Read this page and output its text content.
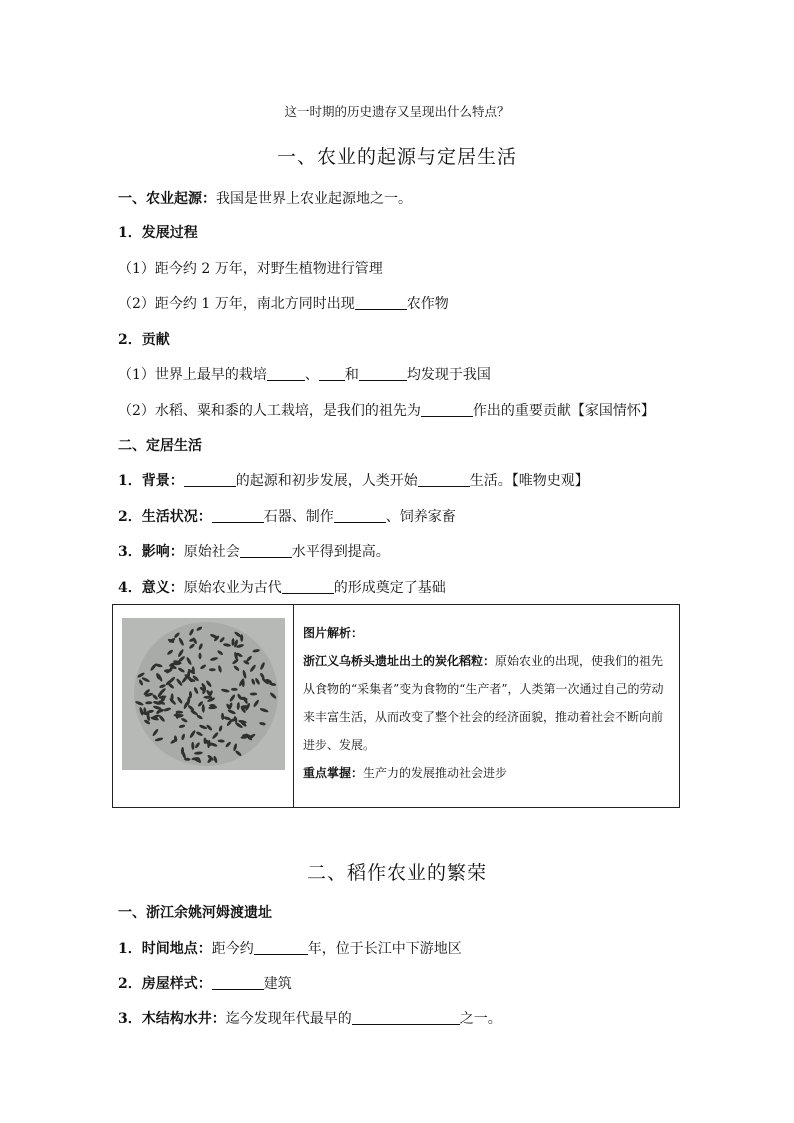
这一时期的历史遗存又呈现出什么特点？
一、农业的起源与定居生活
一、农业起源：我国是世界上农业起源地之一。
1．发展过程
（1）距今约 2 万年，对野生植物进行管理
（2）距今约 1 万年，南北方同时出现	农作物
2．贡献
（1）世界上最早的栽培	、 和	均发现于我国
（2）水稻、粟和黍的人工栽培，是我们的祖先为	作出的重要贡献【家国情怀】
二、定居生活
1．背景：	的起源和初步发展，人类开始	生活。【唯物史观】
2．生活状况：	石器、制作	、饲养家畜
3．影响：原始社会	水平得到提高。
4．意义：原始农业为古代	的形成奠定了基础
图片解析：
浙江义乌桥头遗址出土的炭化稻粒：原始农业的出现，使我们的祖先从食物的“采集者”变为食物的“生产者”，人类第一次通过自己的劳动来丰富生活，从而改变了整个社会的经济面貌，推动着社会不断向前进步、发展。
重点掌握：生产力的发展推动社会进步
二、稻作农业的繁荣
一、浙江余姚河姆渡遗址
1．时间地点：距今约	年，位于长江中下游地区
2．房屋样式：	建筑
3．木结构水井：迄今发现年代最早的	之一。
